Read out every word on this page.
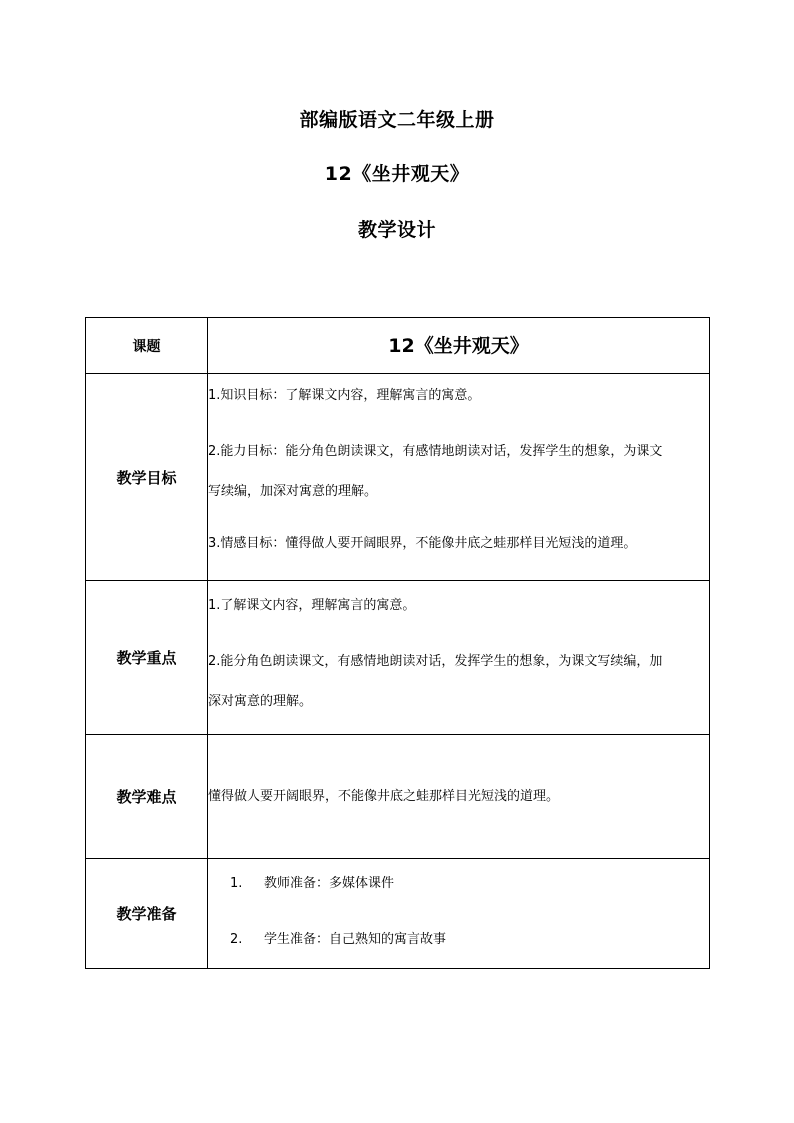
部编版语文二年级上册
12《坐井观天》
教学设计
课题	12《坐井观天》
教学目标	1.知识目标：了解课文内容，理解寓言的寓意。

2.能力目标：能分角色朗读课文，有感情地朗读对话，发挥学生的想象，为课文

写续编，加深对寓意的理解。

3.情感目标：懂得做人要开阔眼界，不能像井底之蛙那样目光短浅的道理。

教学重点	1.了解课文内容，理解寓言的寓意。

2.能分角色朗读课文，有感情地朗读对话，发挥学生的想象，为课文写续编，加

深对寓意的理解。

教学难点	懂得做人要开阔眼界，不能像井底之蛙那样目光短浅的道理。
教学准备	1. 教师准备：多媒体课件
2. 学生准备：自己熟知的寓言故事
